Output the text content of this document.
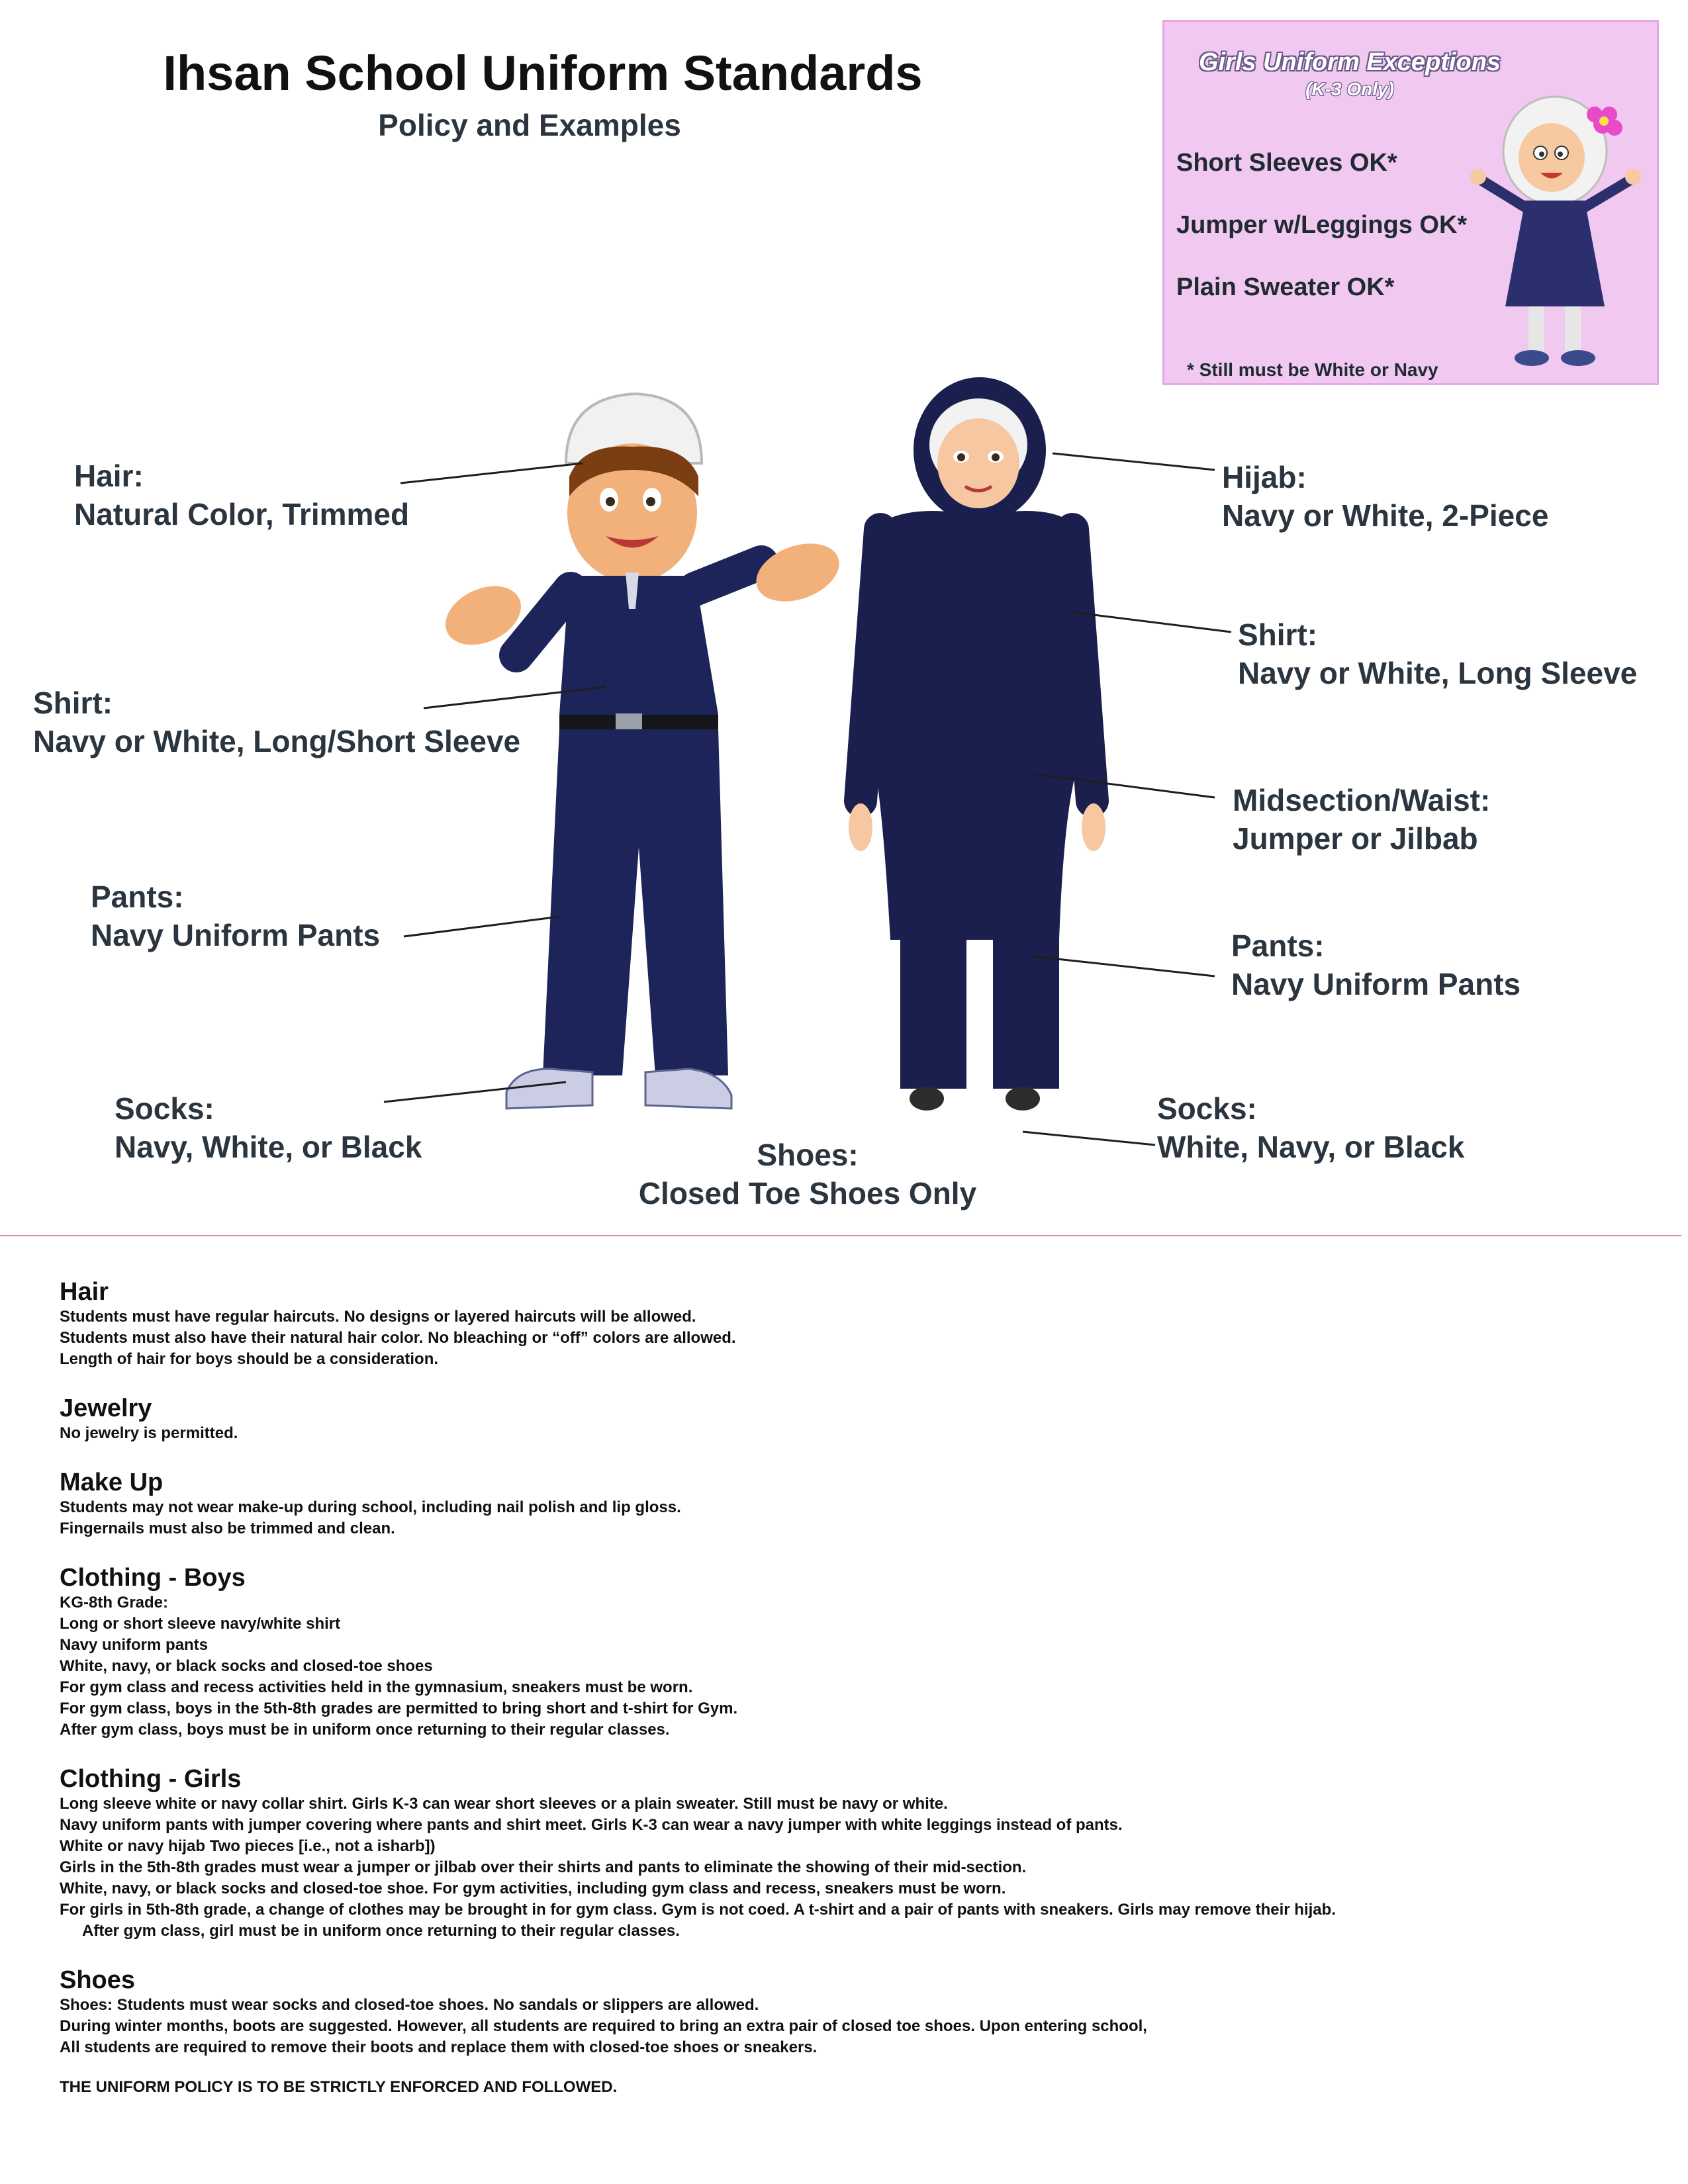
Ihsan School Uniform Standards
Policy and Examples
Girls Uniform Exceptions
(K-3 Only)
Short Sleeves OK*
Jumper w/Leggings OK*
Plain Sweater OK*
* Still must be White or Navy
Hair:
Natural Color, Trimmed
Shirt:
Navy or White, Long/Short Sleeve
Pants:
Navy Uniform Pants
Socks:
Navy, White, or Black	Shoes:
Closed Toe Shoes Only
Hijab:
Navy or White, 2-Piece
Shirt:
Navy or White, Long Sleeve
Midsection/Waist:
Jumper or Jilbab
Pants:
Navy Uniform Pants
Socks:
White, Navy, or Black
Hair
Students must have regular haircuts. No designs or layered haircuts will be allowed.
Students must also have their natural hair color. No bleaching or “off” colors are allowed.
Length of hair for boys should be a consideration.
Jewelry
No jewelry is permitted.
Make Up
Students may not wear make-up during school, including nail polish and lip gloss.
Fingernails must also be trimmed and clean.
Clothing - Boys
KG-8th Grade:
Long or short sleeve navy/white shirt
Navy uniform pants
White, navy, or black socks and closed-toe shoes
For gym class and recess activities held in the gymnasium, sneakers must be worn.
For gym class, boys in the 5th-8th grades are permitted to bring short and t-shirt for Gym.
After gym class, boys must be in uniform once returning to their regular classes.
Clothing - Girls
Long sleeve white or navy collar shirt. Girls K-3 can wear short sleeves or a plain sweater. Still must be navy or white.
Navy uniform pants with jumper covering where pants and shirt meet. Girls K-3 can wear a navy jumper with white leggings instead of pants.
White or navy hijab Two pieces [i.e., not a isharb])
Girls in the 5th-8th grades must wear a jumper or jilbab over their shirts and pants to eliminate the showing of their mid-section.
White, navy, or black socks and closed-toe shoe. For gym activities, including gym class and recess, sneakers must be worn.
For girls in 5th-8th grade, a change of clothes may be brought in for gym class. Gym is not coed. A t-shirt and a pair of pants with sneakers. Girls may remove their hijab.
After gym class, girl must be in uniform once returning to their regular classes.
Shoes
Shoes: Students must wear socks and closed-toe shoes. No sandals or slippers are allowed.
During winter months, boots are suggested. However, all students are required to bring an extra pair of closed toe shoes. Upon entering school,
All students are required to remove their boots and replace them with closed-toe shoes or sneakers.
THE UNIFORM POLICY IS TO BE STRICTLY ENFORCED AND FOLLOWED.
